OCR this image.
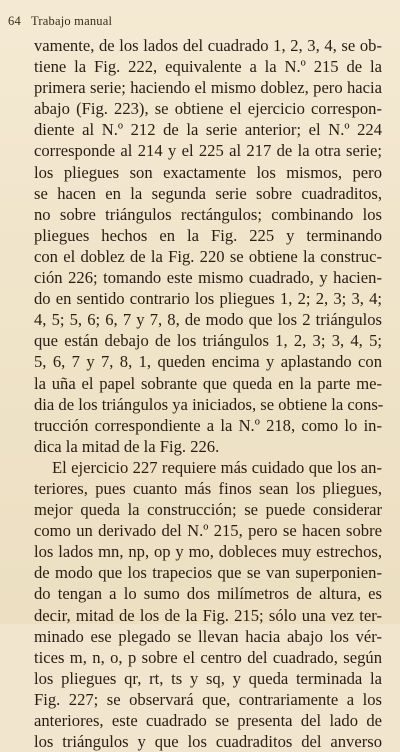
64 Trabajo manual
vamente, de los lados del cuadrado 1, 2, 3, 4, se ob-
tiene la Fig. 222, equivalente a la N.º 215 de la
primera serie; haciendo el mismo doblez, pero hacia
abajo (Fig. 223), se obtiene el ejercicio correspon-
diente al N.º 212 de la serie anterior; el N.º 224
corresponde al 214 y el 225 al 217 de la otra serie;
los pliegues son exactamente los mismos, pero
se hacen en la segunda serie sobre cuadraditos,
no sobre triángulos rectángulos; combinando los
pliegues hechos en la Fig. 225 y terminando
con el doblez de la Fig. 220 se obtiene la construc-
ción 226; tomando este mismo cuadrado, y hacien-
do en sentido contrario los pliegues 1, 2; 2, 3; 3, 4;
4, 5; 5, 6; 6, 7 y 7, 8, de modo que los 2 triángulos
que están debajo de los triángulos 1, 2, 3; 3, 4, 5;
5, 6, 7 y 7, 8, 1, queden encima y aplastando con
la uña el papel sobrante que queda en la parte me-
dia de los triángulos ya iniciados, se obtiene la cons-
trucción correspondiente a la N.º 218, como lo in-
dica la mitad de la Fig. 226.
El ejercicio 227 requiere más cuidado que los an-
teriores, pues cuanto más finos sean los pliegues,
mejor queda la construcción; se puede considerar
como un derivado del N.º 215, pero se hacen sobre
los lados mn, np, op y mo, dobleces muy estrechos,
de modo que los trapecios que se van superponien-
do tengan a lo sumo dos milímetros de altura, es
decir, mitad de los de la Fig. 215; sólo una vez ter-
minado ese plegado se llevan hacia abajo los vér-
tices m, n, o, p sobre el centro del cuadrado, según
los pliegues qr, rt, ts y sq, y queda terminada la
Fig. 227; se observará que, contrariamente a los
anteriores, este cuadrado se presenta del lado de
los triángulos y que los cuadraditos del anverso
